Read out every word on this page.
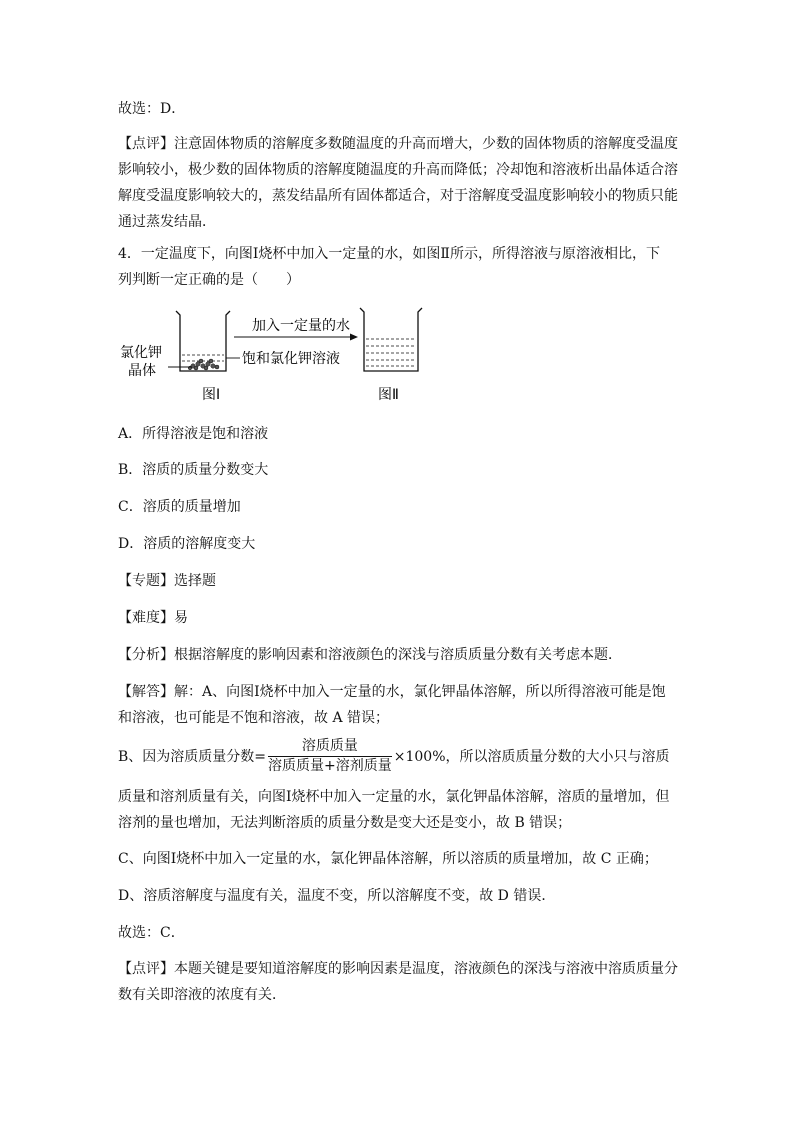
故选：D．

【点评】注意固体物质的溶解度多数随温度的升高而增大，少数的固体物质的溶解度受温度
影响较小，极少数的固体物质的溶解度随温度的升高而降低；冷却饱和溶液析出晶体适合溶
解度受温度影响较大的，蒸发结晶所有固体都适合，对于溶解度受温度影响较小的物质只能
通过蒸发结晶．

4．一定温度下，向图Ⅰ烧杯中加入一定量的水，如图Ⅱ所示，所得溶液与原溶液相比，下
列判断一定正确的是（　　）

加入一定量的水
氯化钾
晶体
饱和氯化钾溶液
图Ⅰ	图Ⅱ

A．所得溶液是饱和溶液

B．溶质的质量分数变大

C．溶质的质量增加

D．溶质的溶解度变大

【专题】选择题

【难度】易

【分析】根据溶解度的影响因素和溶液颜色的深浅与溶质质量分数有关考虑本题．

【解答】解：A、向图Ⅰ烧杯中加入一定量的水，氯化钾晶体溶解，所以所得溶液可能是饱
和溶液，也可能是不饱和溶液，故 A 错误；

B、因为溶质质量分数= $\frac{\text{溶质质量}}{\text{溶质质量+溶剂质量}} \times 100\%$，所以溶质质量分数的大小只与溶质

质量和溶剂质量有关，向图Ⅰ烧杯中加入一定量的水，氯化钾晶体溶解，溶质的量增加，但
溶剂的量也增加，无法判断溶质的质量分数是变大还是变小，故 B 错误；

C、向图Ⅰ烧杯中加入一定量的水，氯化钾晶体溶解，所以溶质的质量增加，故 C 正确；

D、溶质溶解度与温度有关，温度不变，所以溶解度不变，故 D 错误．

故选：C．

【点评】本题关键是要知道溶解度的影响因素是温度，溶液颜色的深浅与溶液中溶质质量分
数有关即溶液的浓度有关．
